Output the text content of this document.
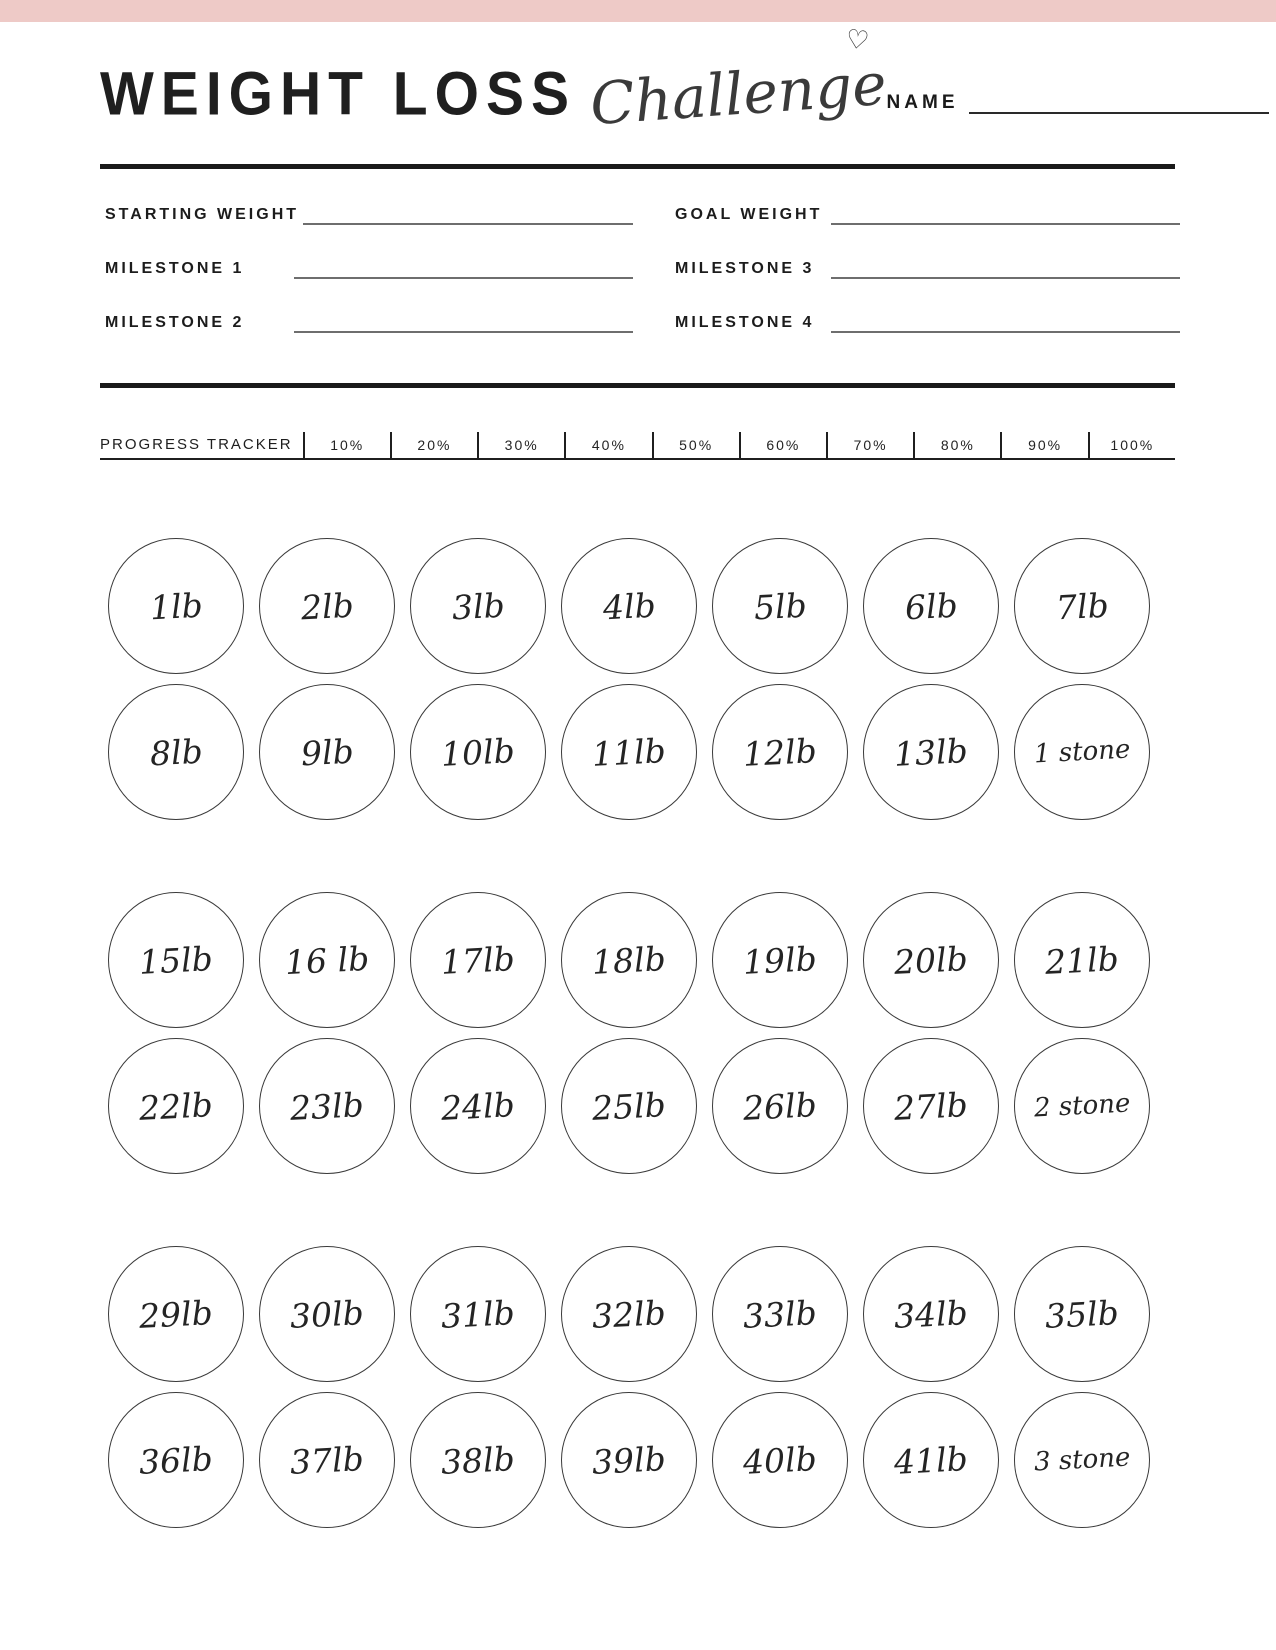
WEIGHT LOSS Challenge
♡
NAME
STARTING WEIGHT
MILESTONE 1
MILESTONE 2
GOAL WEIGHT
MILESTONE 3
MILESTONE 4
PROGRESS TRACKER	10%	20%	30%	40%	50%	60%	70%	80%	90%	100%
1lb	2lb	3lb	4lb	5lb	6lb	7lb
8lb	9lb	10lb 11lb 12lb 13lb 1 stone
15lb 16 lb 17lb 18lb 19lb 20lb 21lb
22lb 23lb 24lb 25lb 26lb 27lb 2 stone
29lb 30lb 31lb 32lb 33lb 34lb 35lb
36lb 37lb 38lb 39lb 40lb 41lb 3 stone
